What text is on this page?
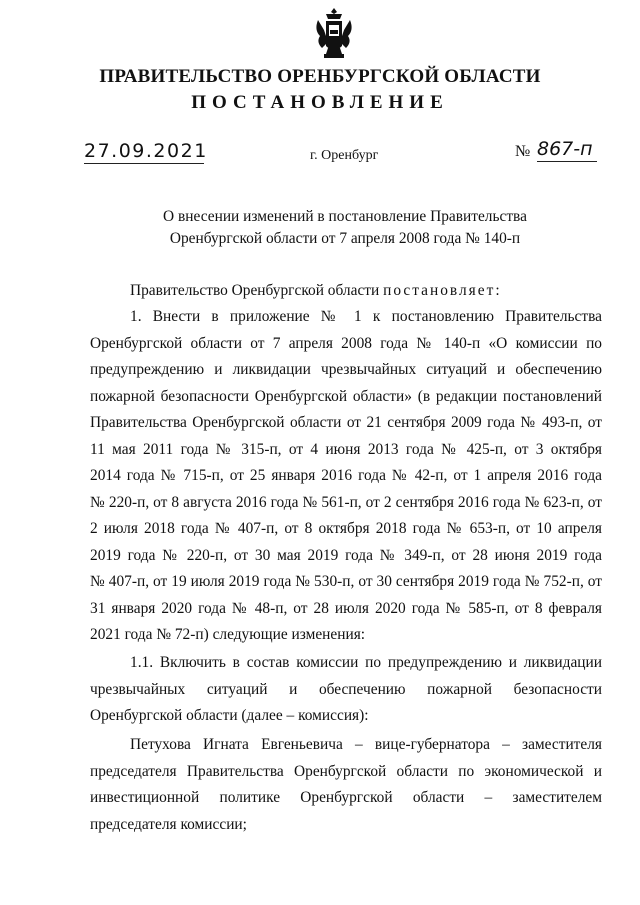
ПРАВИТЕЛЬСТВО ОРЕНБУРГСКОЙ ОБЛАСТИ
ПОСТАНОВЛЕНИЕ
27.09.2021	г. Оренбург	№ 867-п
О внесении изменений в постановление Правительства
Оренбургской области от 7 апреля 2008 года № 140-п
Правительство Оренбургской области постановляет:
1. Внести в приложение № 1 к постановлению Правительства
Оренбургской области от 7 апреля 2008 года № 140-п «О комиссии по
предупреждению и ликвидации чрезвычайных ситуаций и обеспечению
пожарной безопасности Оренбургской области» (в редакции постановлений
Правительства Оренбургской области от 21 сентября 2009 года № 493-п, от
11 мая 2011 года № 315-п, от 4 июня 2013 года № 425-п, от 3 октября
2014 года № 715-п, от 25 января 2016 года № 42-п, от 1 апреля 2016 года
№ 220-п, от 8 августа 2016 года № 561-п, от 2 сентября 2016 года № 623-п, от
2 июля 2018 года № 407-п, от 8 октября 2018 года № 653-п, от 10 апреля
2019 года № 220-п, от 30 мая 2019 года № 349-п, от 28 июня 2019 года
№ 407-п, от 19 июля 2019 года № 530-п, от 30 сентября 2019 года № 752-п, от
31 января 2020 года № 48-п, от 28 июля 2020 года № 585-п, от 8 февраля
2021 года № 72-п) следующие изменения:
1.1. Включить в состав комиссии по предупреждению и ликвидации
чрезвычайных ситуаций и обеспечению пожарной безопасности
Оренбургской области (далее – комиссия):
Петухова Игната Евгеньевича – вице-губернатора – заместителя
председателя Правительства Оренбургской области по экономической и
инвестиционной политике Оренбургской области – заместителем
председателя комиссии;
